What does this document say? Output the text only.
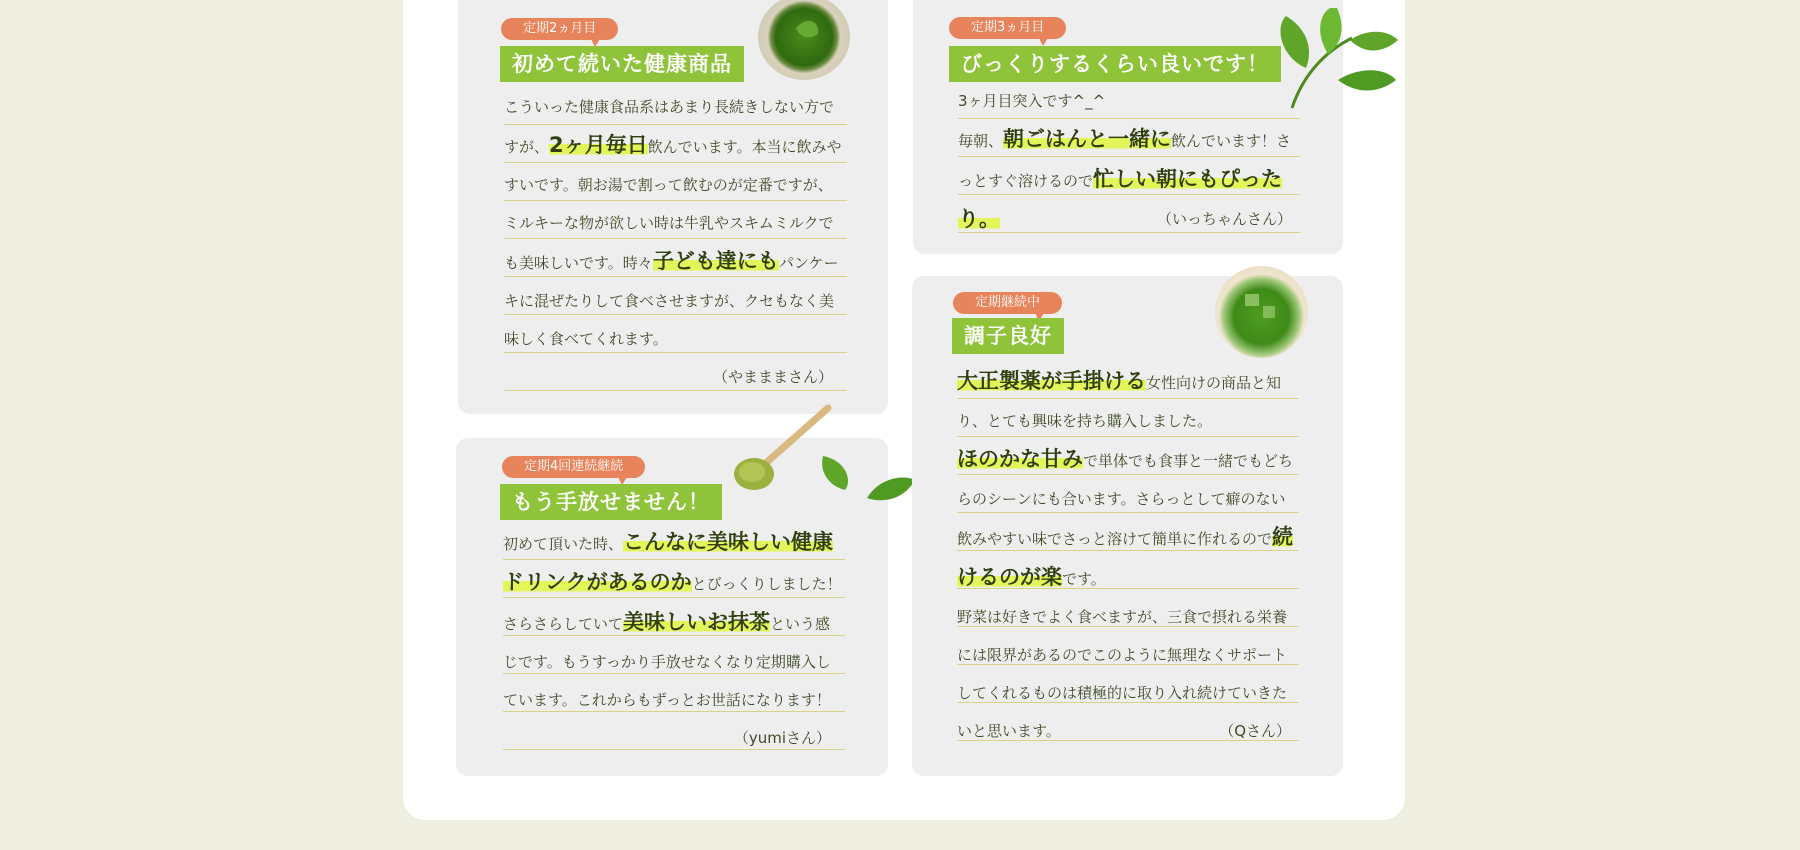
定期2ヵ月目
初めて続いた健康商品
こういった健康食品系はあまり長続きしない方ですが、2ヶ月毎日飲んでいます。本当に飲みやすいです。朝お湯で割って飲むのが定番ですが、ミルキーな物が欲しい時は牛乳やスキムミルクでも美味しいです。時々子ども達にもパンケーキに混ぜたりして食べさせますが、クセもなく美味しく食べてくれます。
（やまままさん）
定期3ヵ月目
びっくりするくらい良いです！
3ヶ月目突入です^_^
毎朝、朝ごはんと一緒に飲んでいます！さっとすぐ溶けるので忙しい朝にもぴったり。	（いっちゃんさん）
定期4回連続継続
もう手放せません！
初めて頂いた時、こんなに美味しい健康ドリンクがあるのかとびっくりしました！さらさらしていて美味しいお抹茶という感じです。もうすっかり手放せなくなり定期購入しています。これからもずっとお世話になります！
（yumiさん）
定期継続中
調子良好
大正製薬が手掛ける女性向けの商品と知り、とても興味を持ち購入しました。
ほのかな甘みで単体でも食事と一緒でもどちらのシーンにも合います。さらっとして癖のない飲みやすい味でさっと溶けて簡単に作れるので続けるのが楽です。
野菜は好きでよく食べますが、三食で摂れる栄養には限界があるのでこのように無理なくサポートしてくれるものは積極的に取り入れ続けていきたいと思います。	（Qさん）
